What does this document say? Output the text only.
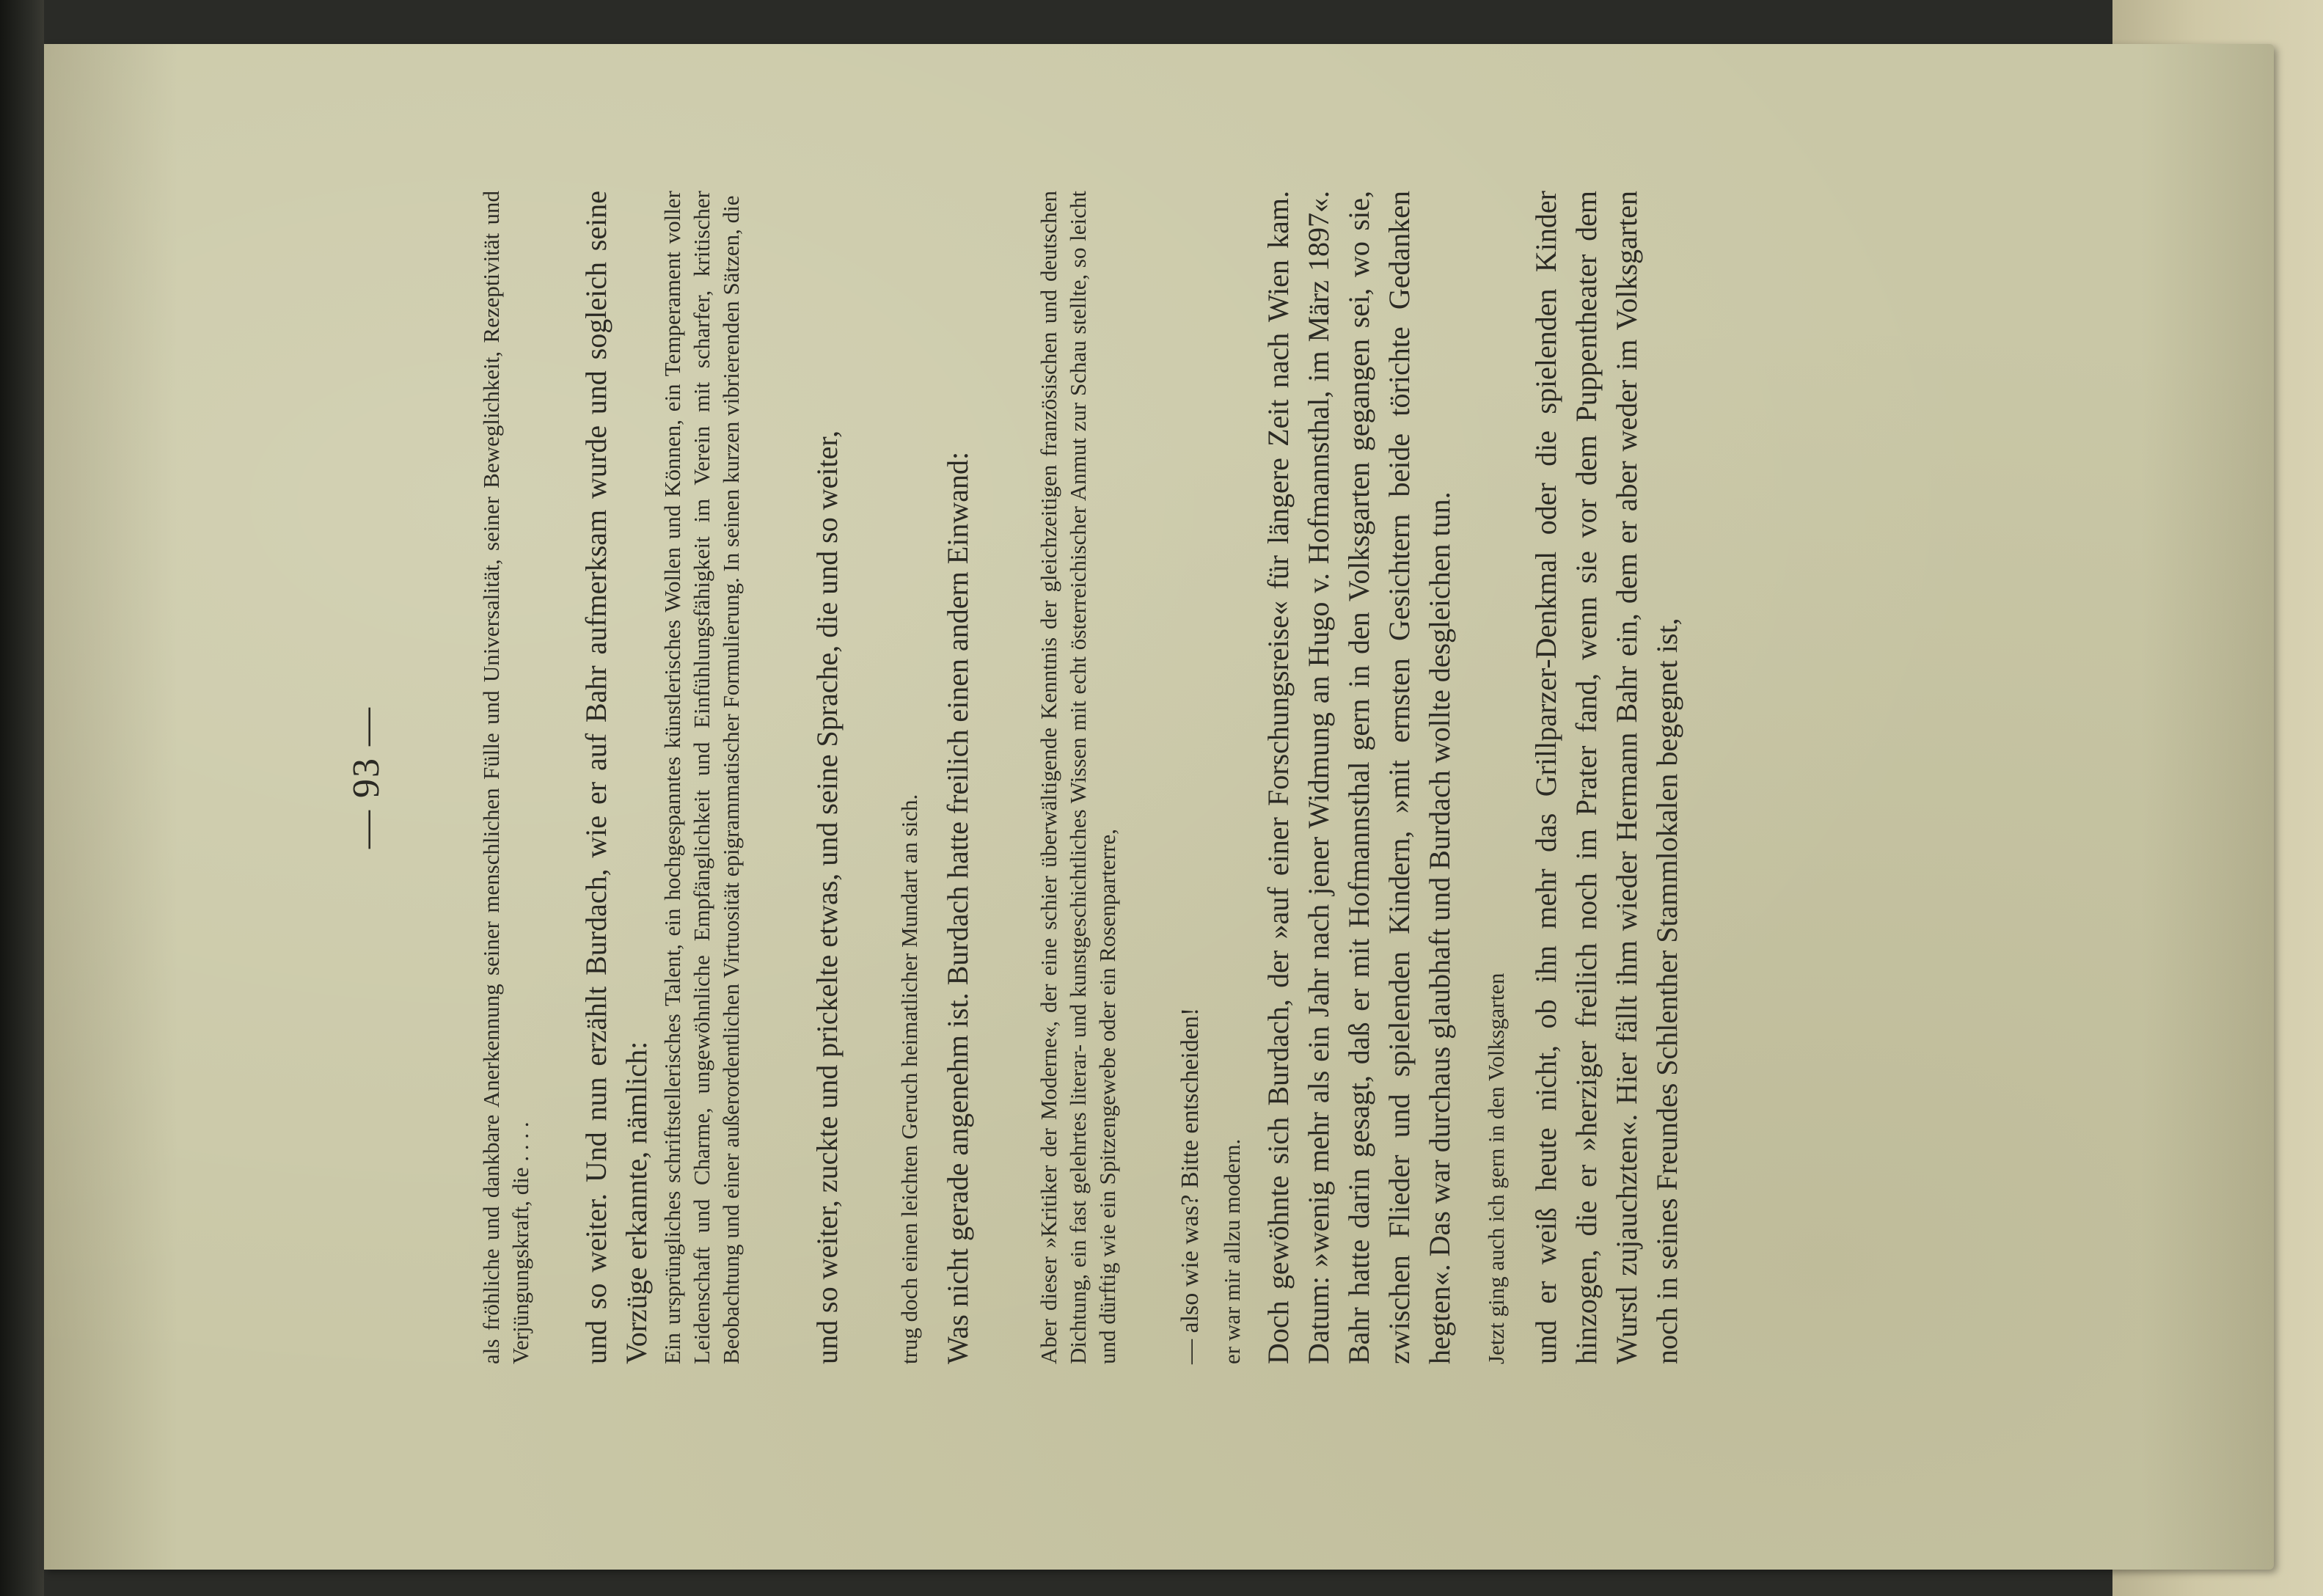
— 93 —	als fröhliche und dankbare Anerkennung seiner menschlichen Fülle und Universalität, seiner Beweglichkeit, Rezeptivität und Verjüngungskraft, die . . . . und so weiter. Und nun erzählt Burdach, wie er auf Bahr aufmerksam wurde und sogleich seine Vorzüge erkannte, nämlich: Ein ursprüngliches schriftstellerisches Talent, ein hochgespanntes künstlerisches Wollen und Können, ein Temperament voller Leidenschaft und Charme, ungewöhnliche Empfänglichkeit und Einfühlungsfähigkeit im Verein mit scharfer, kritischer Beobachtung und einer außerordentlichen Virtuosität epigrammatischer Formulierung. In seinen kurzen vibrierenden Sätzen, die und so weiter, zuckte und prickelte etwas, und seine Sprache, die und so weiter, trug doch einen leichten Geruch heimatlicher Mundart an sich. Was nicht gerade angenehm ist. Burdach hatte freilich einen andern Einwand:	Aber dieser »Kritiker der Moderne«, der eine schier überwältigende Kenntnis der gleichzeitigen französischen und deutschen Dichtung, ein fast gelehrtes literar- und kunstgeschichtliches Wissen mit echt österreichischer Anmut zur Schau stellte, so leicht und dürftig wie ein Spitzengewebe oder ein Rosenparterre, — also wie was? Bitte entscheiden! er war mir allzu modern. Doch gewöhnte sich Burdach, der »auf einer Forschungsreise« für längere Zeit nach Wien kam. Datum: »wenig mehr als ein Jahr nach jener Widmung an Hugo v. Hofmannsthal, im März 1897«. Bahr hatte darin gesagt, daß er mit Hofmannsthal gern in den Volksgarten gegangen sei, wo sie, zwischen Flieder und spielenden Kindern, »mit ernsten Gesichtern beide törichte Gedanken hegten«. Das war durchaus glaubhaft und Burdach wollte desgleichen tun. Jetzt ging auch ich gern in den Volksgarten und er weiß heute nicht, ob ihn mehr das Grillparzer-Denkmal oder die spielenden Kinder hinzogen, die er »herziger freilich noch im Prater fand, wenn sie vor dem Puppentheater dem Wurstl zujauchzten«. Hier fällt ihm wieder Hermann Bahr ein, dem er aber weder im Volksgarten noch in seines Freundes Schlenther Stammlokalen begegnet ist,
